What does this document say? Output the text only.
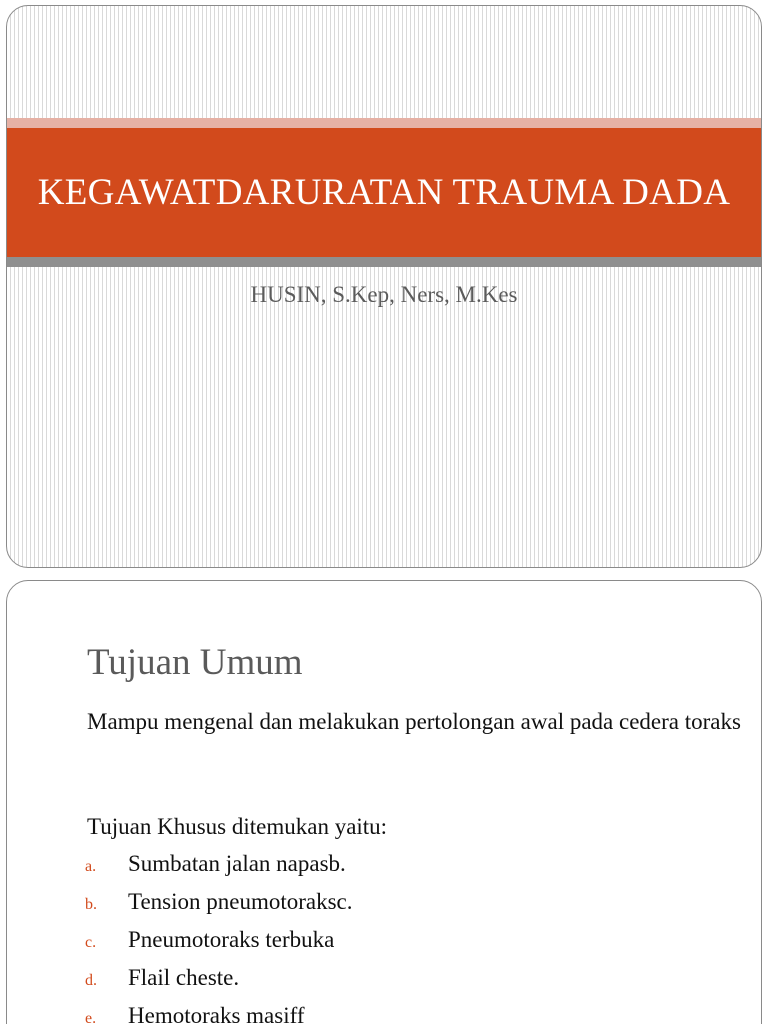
KEGAWATDARURATAN TRAUMA DADA
HUSIN, S.Kep, Ners, M.Kes
Tujuan Umum
Mampu mengenal dan melakukan pertolongan awal pada cedera toraks
Tujuan Khusus ditemukan yaitu:
a.	Sumbatan jalan napasb.
b.	Tension pneumotoraksc.
c.	Pneumotoraks terbuka
d.	Flail cheste.
e.	Hemotoraks masiff
